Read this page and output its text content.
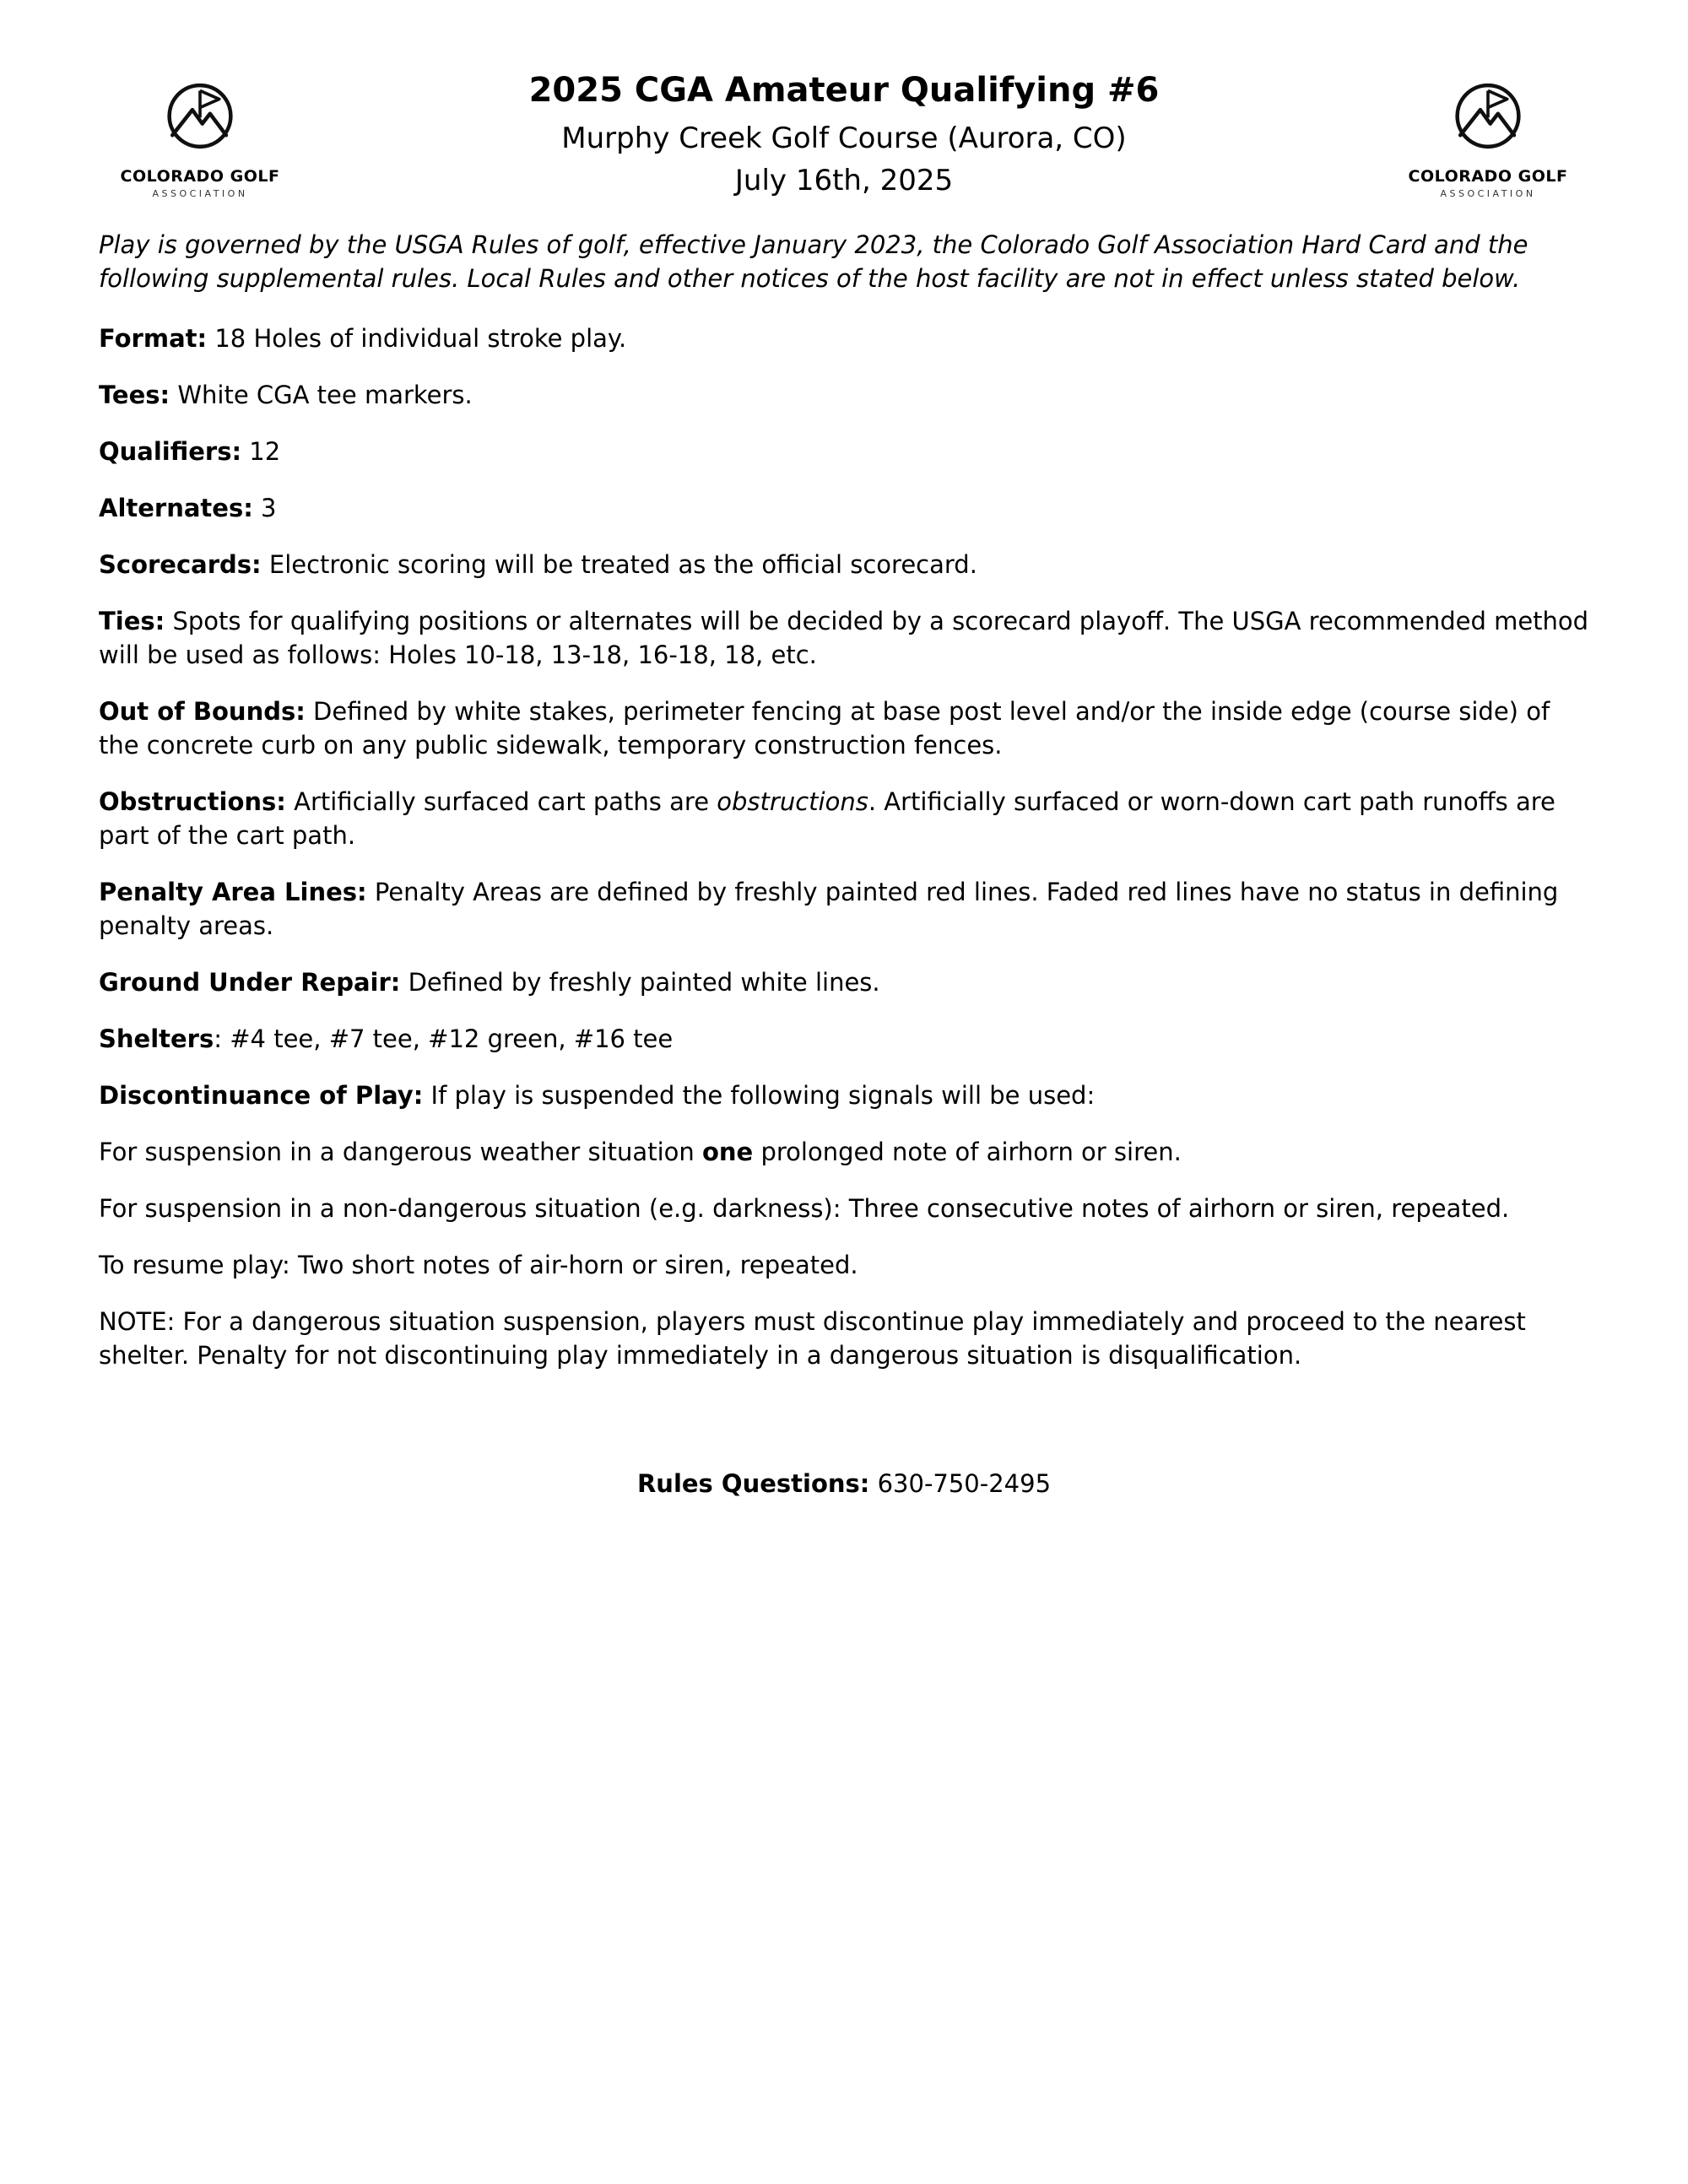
COLORADO GOLF
ASSOCIATION
2025 CGA Amateur Qualifying #6
Murphy Creek Golf Course (Aurora, CO)
July 16th, 2025	COLORADO GOLF
ASSOCIATION

Play is governed by the USGA Rules of golf, effective January 2023, the Colorado Golf Association Hard Card and the following supplemental rules. Local Rules and other notices of the host facility are not in effect unless stated below.

Format: 18 Holes of individual stroke play.

Tees: White CGA tee markers.

Qualifiers: 12

Alternates: 3

Scorecards: Electronic scoring will be treated as the official scorecard.

Ties: Spots for qualifying positions or alternates will be decided by a scorecard playoff. The USGA recommended method will be used as follows: Holes 10-18, 13-18, 16-18, 18, etc.

Out of Bounds: Defined by white stakes, perimeter fencing at base post level and/or the inside edge (course side) of the concrete curb on any public sidewalk, temporary construction fences.

Obstructions: Artificially surfaced cart paths are obstructions. Artificially surfaced or worn-down cart path runoffs are part of the cart path.

Penalty Area Lines: Penalty Areas are defined by freshly painted red lines. Faded red lines have no status in defining penalty areas.

Ground Under Repair: Defined by freshly painted white lines.

Shelters: #4 tee, #7 tee, #12 green, #16 tee

Discontinuance of Play: If play is suspended the following signals will be used:

For suspension in a dangerous weather situation one prolonged note of airhorn or siren.

For suspension in a non-dangerous situation (e.g. darkness): Three consecutive notes of airhorn or siren, repeated.

To resume play: Two short notes of air-horn or siren, repeated.

NOTE: For a dangerous situation suspension, players must discontinue play immediately and proceed to the nearest shelter. Penalty for not discontinuing play immediately in a dangerous situation is disqualification.

Rules Questions: 630-750-2495
